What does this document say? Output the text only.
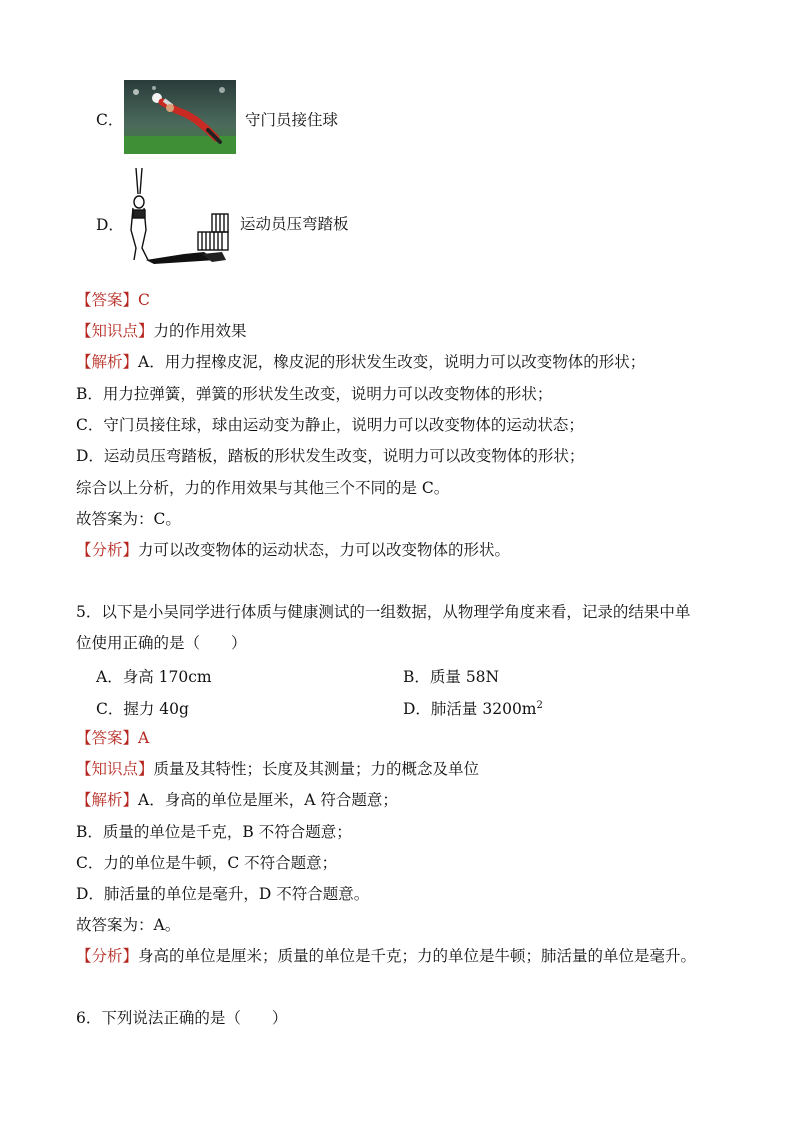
C．	守门员接住球
D．	运动员压弯踏板
【答案】C
【知识点】力的作用效果
【解析】A．用力捏橡皮泥，橡皮泥的形状发生改变，说明力可以改变物体的形状；
B．用力拉弹簧，弹簧的形状发生改变，说明力可以改变物体的形状；
C．守门员接住球，球由运动变为静止，说明力可以改变物体的运动状态；
D．运动员压弯踏板，踏板的形状发生改变，说明力可以改变物体的形状；
综合以上分析，力的作用效果与其他三个不同的是 C。
故答案为：C。
【分析】力可以改变物体的运动状态，力可以改变物体的形状。
5．以下是小吴同学进行体质与健康测试的一组数据，从物理学角度来看，记录的结果中单
位使用正确的是（　　）
A．身高 170cm	B．质量 58N
C．握力 40g	D．肺活量 $3200m^2$
【答案】A
【知识点】质量及其特性；长度及其测量；力的概念及单位
【解析】A．身高的单位是厘米，A 符合题意；
B．质量的单位是千克，B 不符合题意；
C．力的单位是牛顿，C 不符合题意；
D．肺活量的单位是毫升，D 不符合题意。
故答案为：A。
【分析】身高的单位是厘米；质量的单位是千克；力的单位是牛顿；肺活量的单位是毫升。
6．下列说法正确的是（　　）
